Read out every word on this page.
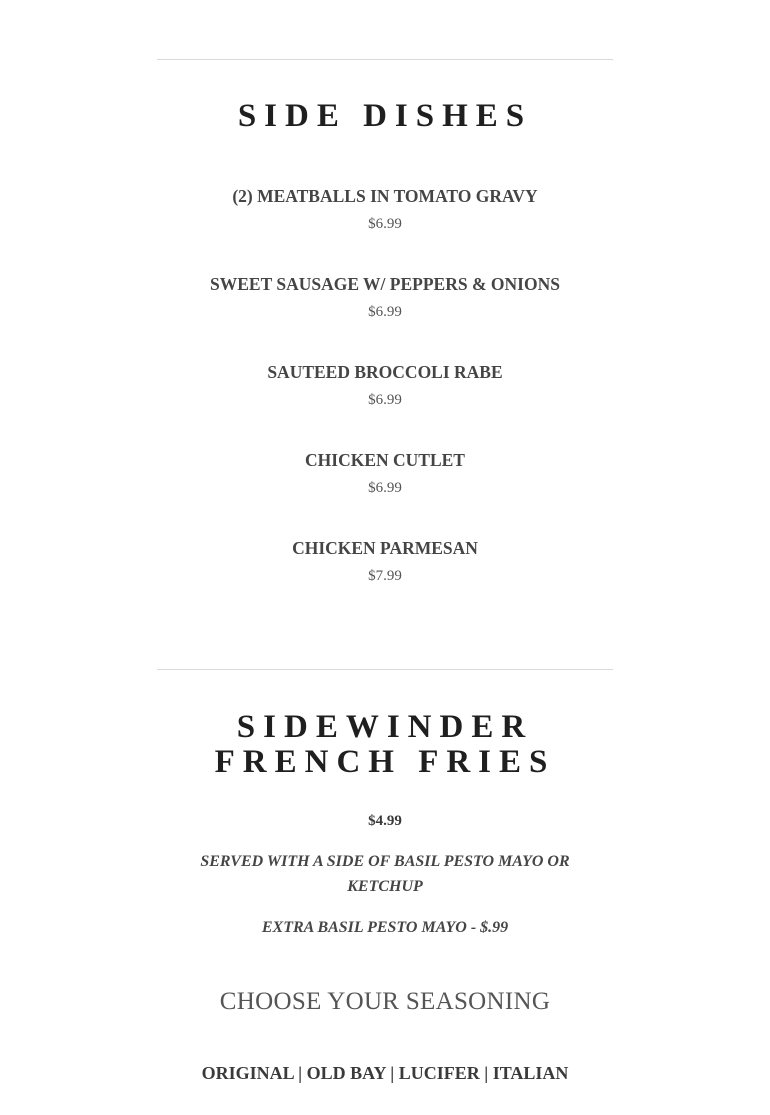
SIDE DISHES
(2) MEATBALLS IN TOMATO GRAVY
$6.99
SWEET SAUSAGE W/ PEPPERS & ONIONS
$6.99
SAUTEED BROCCOLI RABE
$6.99
CHICKEN CUTLET
$6.99
CHICKEN PARMESAN
$7.99
SIDEWINDER
FRENCH FRIES
$4.99
SERVED WITH A SIDE OF BASIL PESTO MAYO OR KETCHUP
EXTRA BASIL PESTO MAYO - $.99
CHOOSE YOUR SEASONING
ORIGINAL | OLD BAY | LUCIFER | ITALIAN
